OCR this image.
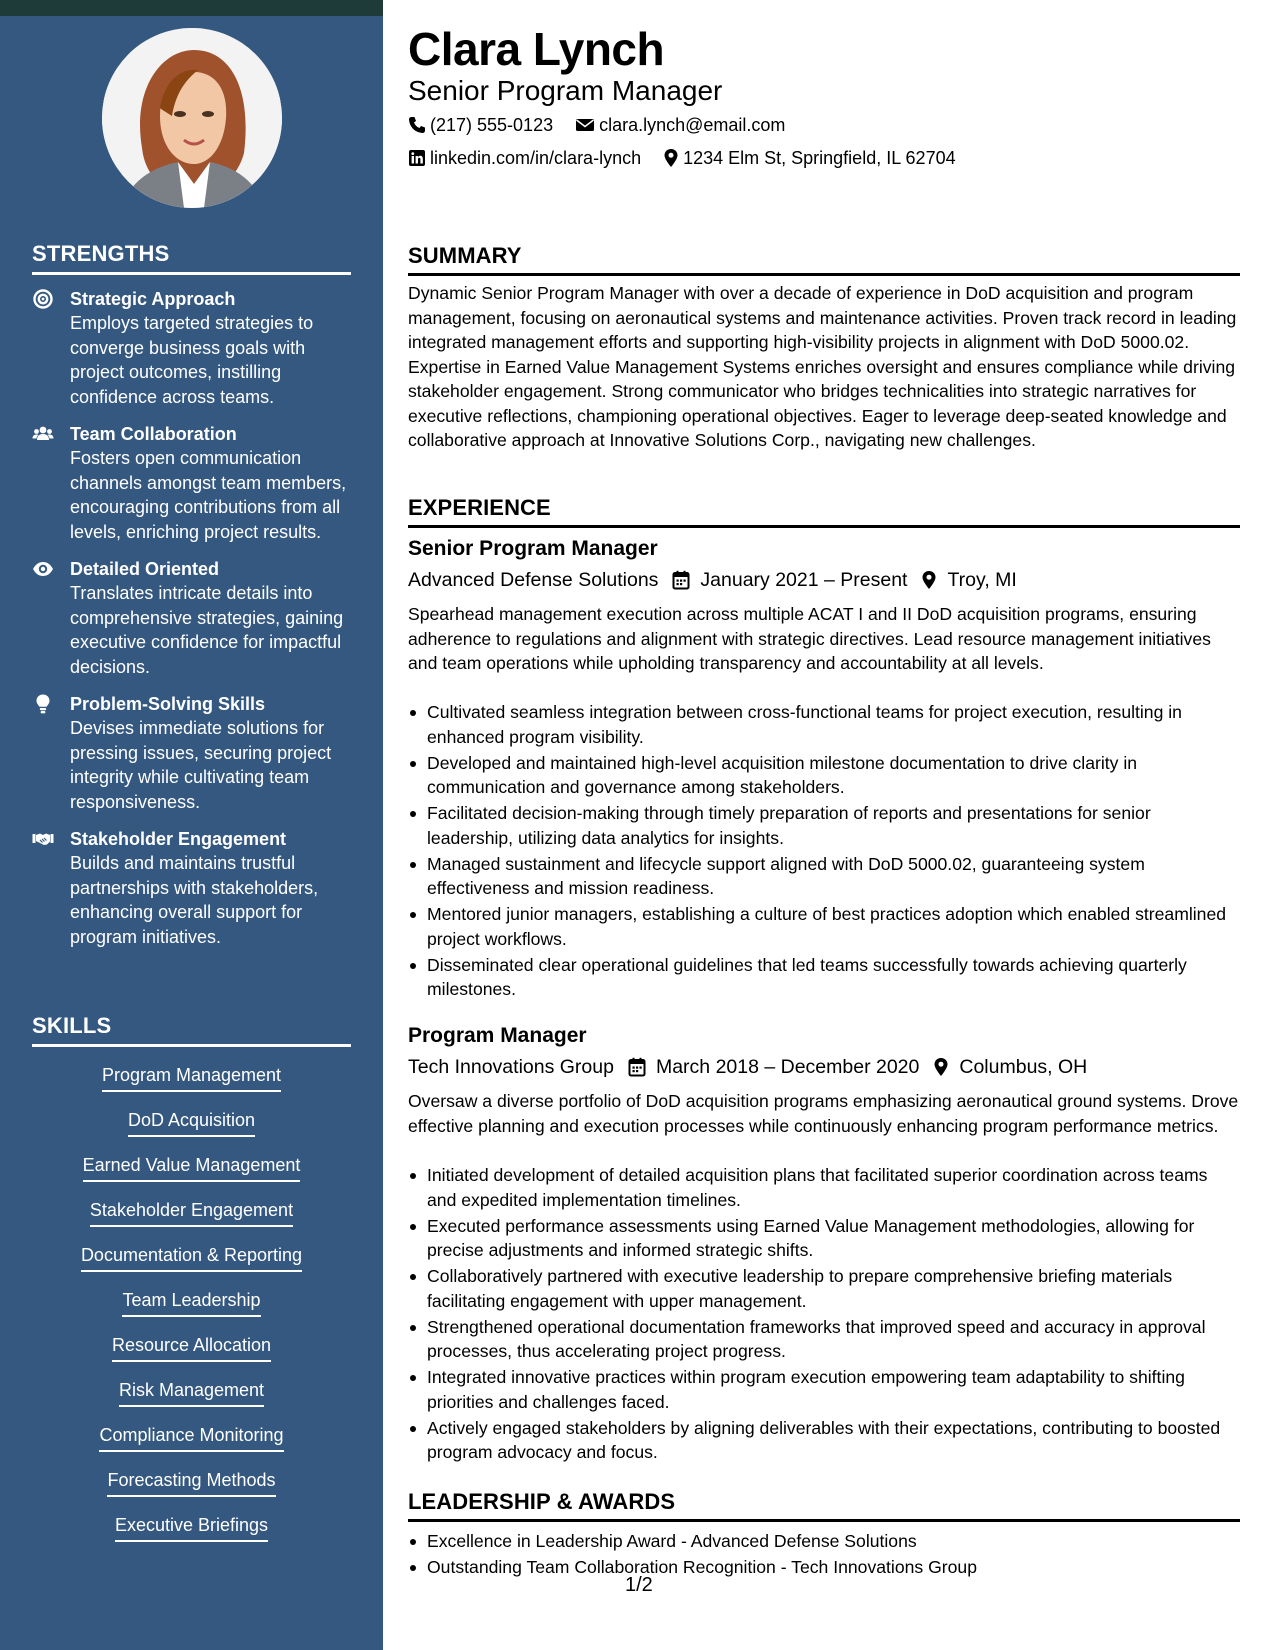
STRENGTHS
Strategic Approach
Employs targeted strategies to converge business goals with project outcomes, instilling confidence across teams.
Team Collaboration
Fosters open communication channels amongst team members, encouraging contributions from all levels, enriching project results.
Detailed Oriented
Translates intricate details into comprehensive strategies, gaining executive confidence for impactful decisions.
Problem-Solving Skills
Devises immediate solutions for pressing issues, securing project integrity while cultivating team responsiveness.
Stakeholder Engagement
Builds and maintains trustful partnerships with stakeholders, enhancing overall support for program initiatives.
SKILLS
Program Management
DoD Acquisition
Earned Value Management
Stakeholder Engagement
Documentation & Reporting
Team Leadership
Resource Allocation
Risk Management
Compliance Monitoring
Forecasting Methods
Executive Briefings
Clara Lynch
Senior Program Manager
(217) 555-0123	clara.lynch@email.com
linkedin.com/in/clara-lynch 1234 Elm St, Springfield, IL 62704
SUMMARY
Dynamic Senior Program Manager with over a decade of experience in DoD acquisition and program management, focusing on aeronautical systems and maintenance activities. Proven track record in leading integrated management efforts and supporting high-visibility projects in alignment with DoD 5000.02. Expertise in Earned Value Management Systems enriches oversight and ensures compliance while driving stakeholder engagement. Strong communicator who bridges technicalities into strategic narratives for executive reflections, championing operational objectives. Eager to leverage deep-seated knowledge and collaborative approach at Innovative Solutions Corp., navigating new challenges.
EXPERIENCE
Senior Program Manager
Advanced Defense Solutions January 2021 – Present Troy, MI
Spearhead management execution across multiple ACAT I and II DoD acquisition programs, ensuring adherence to regulations and alignment with strategic directives. Lead resource management initiatives and team operations while upholding transparency and accountability at all levels.
Cultivated seamless integration between cross-functional teams for project execution, resulting in enhanced program visibility.
Developed and maintained high-level acquisition milestone documentation to drive clarity in communication and governance among stakeholders.
Facilitated decision-making through timely preparation of reports and presentations for senior leadership, utilizing data analytics for insights.
Managed sustainment and lifecycle support aligned with DoD 5000.02, guaranteeing system effectiveness and mission readiness.
Mentored junior managers, establishing a culture of best practices adoption which enabled streamlined project workflows.
Disseminated clear operational guidelines that led teams successfully towards achieving quarterly milestones.
Program Manager
Tech Innovations Group March 2018 – December 2020 Columbus, OH
Oversaw a diverse portfolio of DoD acquisition programs emphasizing aeronautical ground systems. Drove effective planning and execution processes while continuously enhancing program performance metrics.
Initiated development of detailed acquisition plans that facilitated superior coordination across teams and expedited implementation timelines.
Executed performance assessments using Earned Value Management methodologies, allowing for precise adjustments and informed strategic shifts.
Collaboratively partnered with executive leadership to prepare comprehensive briefing materials facilitating engagement with upper management.
Strengthened operational documentation frameworks that improved speed and accuracy in approval processes, thus accelerating project progress.
Integrated innovative practices within program execution empowering team adaptability to shifting priorities and challenges faced.
Actively engaged stakeholders by aligning deliverables with their expectations, contributing to boosted program advocacy and focus.
LEADERSHIP & AWARDS
Excellence in Leadership Award - Advanced Defense Solutions
Outstanding Team Collaboration Recognition - Tech Innovations Group
1/2
